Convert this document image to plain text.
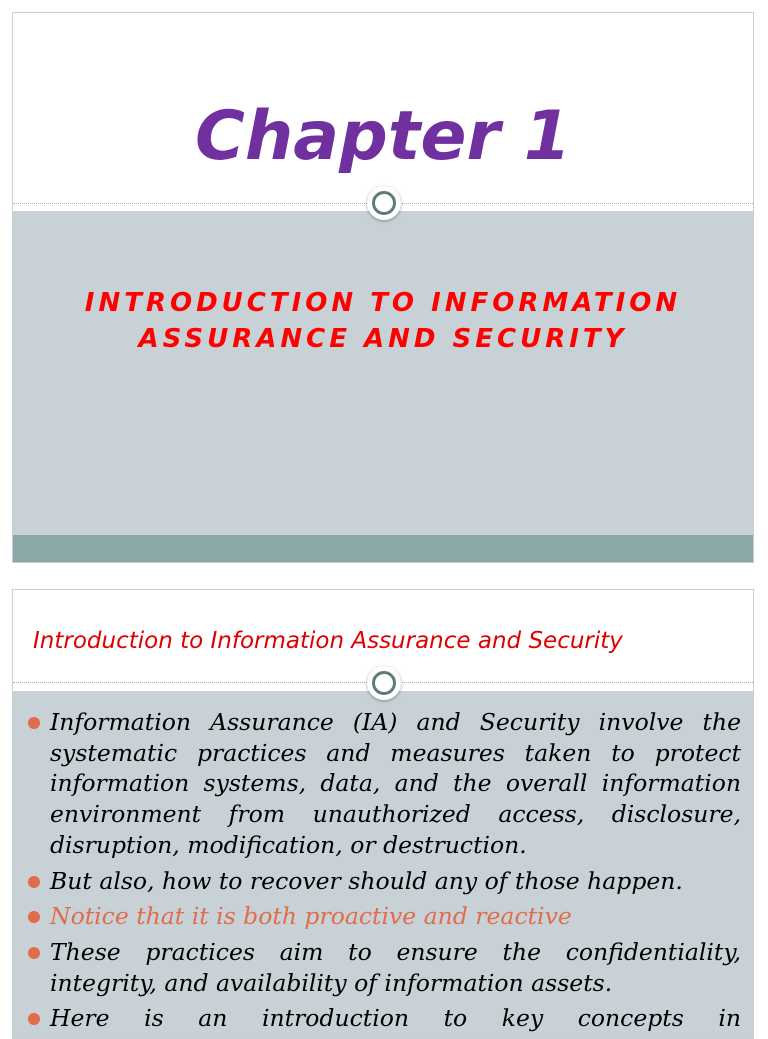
Chapter 1
INTRODUCTION TO INFORMATION
ASSURANCE AND SECURITY
Introduction to Information Assurance and Security
Information Assurance (IA) and Security involve the systematic practices and measures taken to protect information systems, data, and the overall information environment from unauthorized access, disclosure, disruption, modification, or destruction.
But also, how to recover should any of those happen.
Notice that it is both proactive and reactive
These practices aim to ensure the confidentiality, integrity, and availability of information assets.
Here is an introduction to key concepts in
